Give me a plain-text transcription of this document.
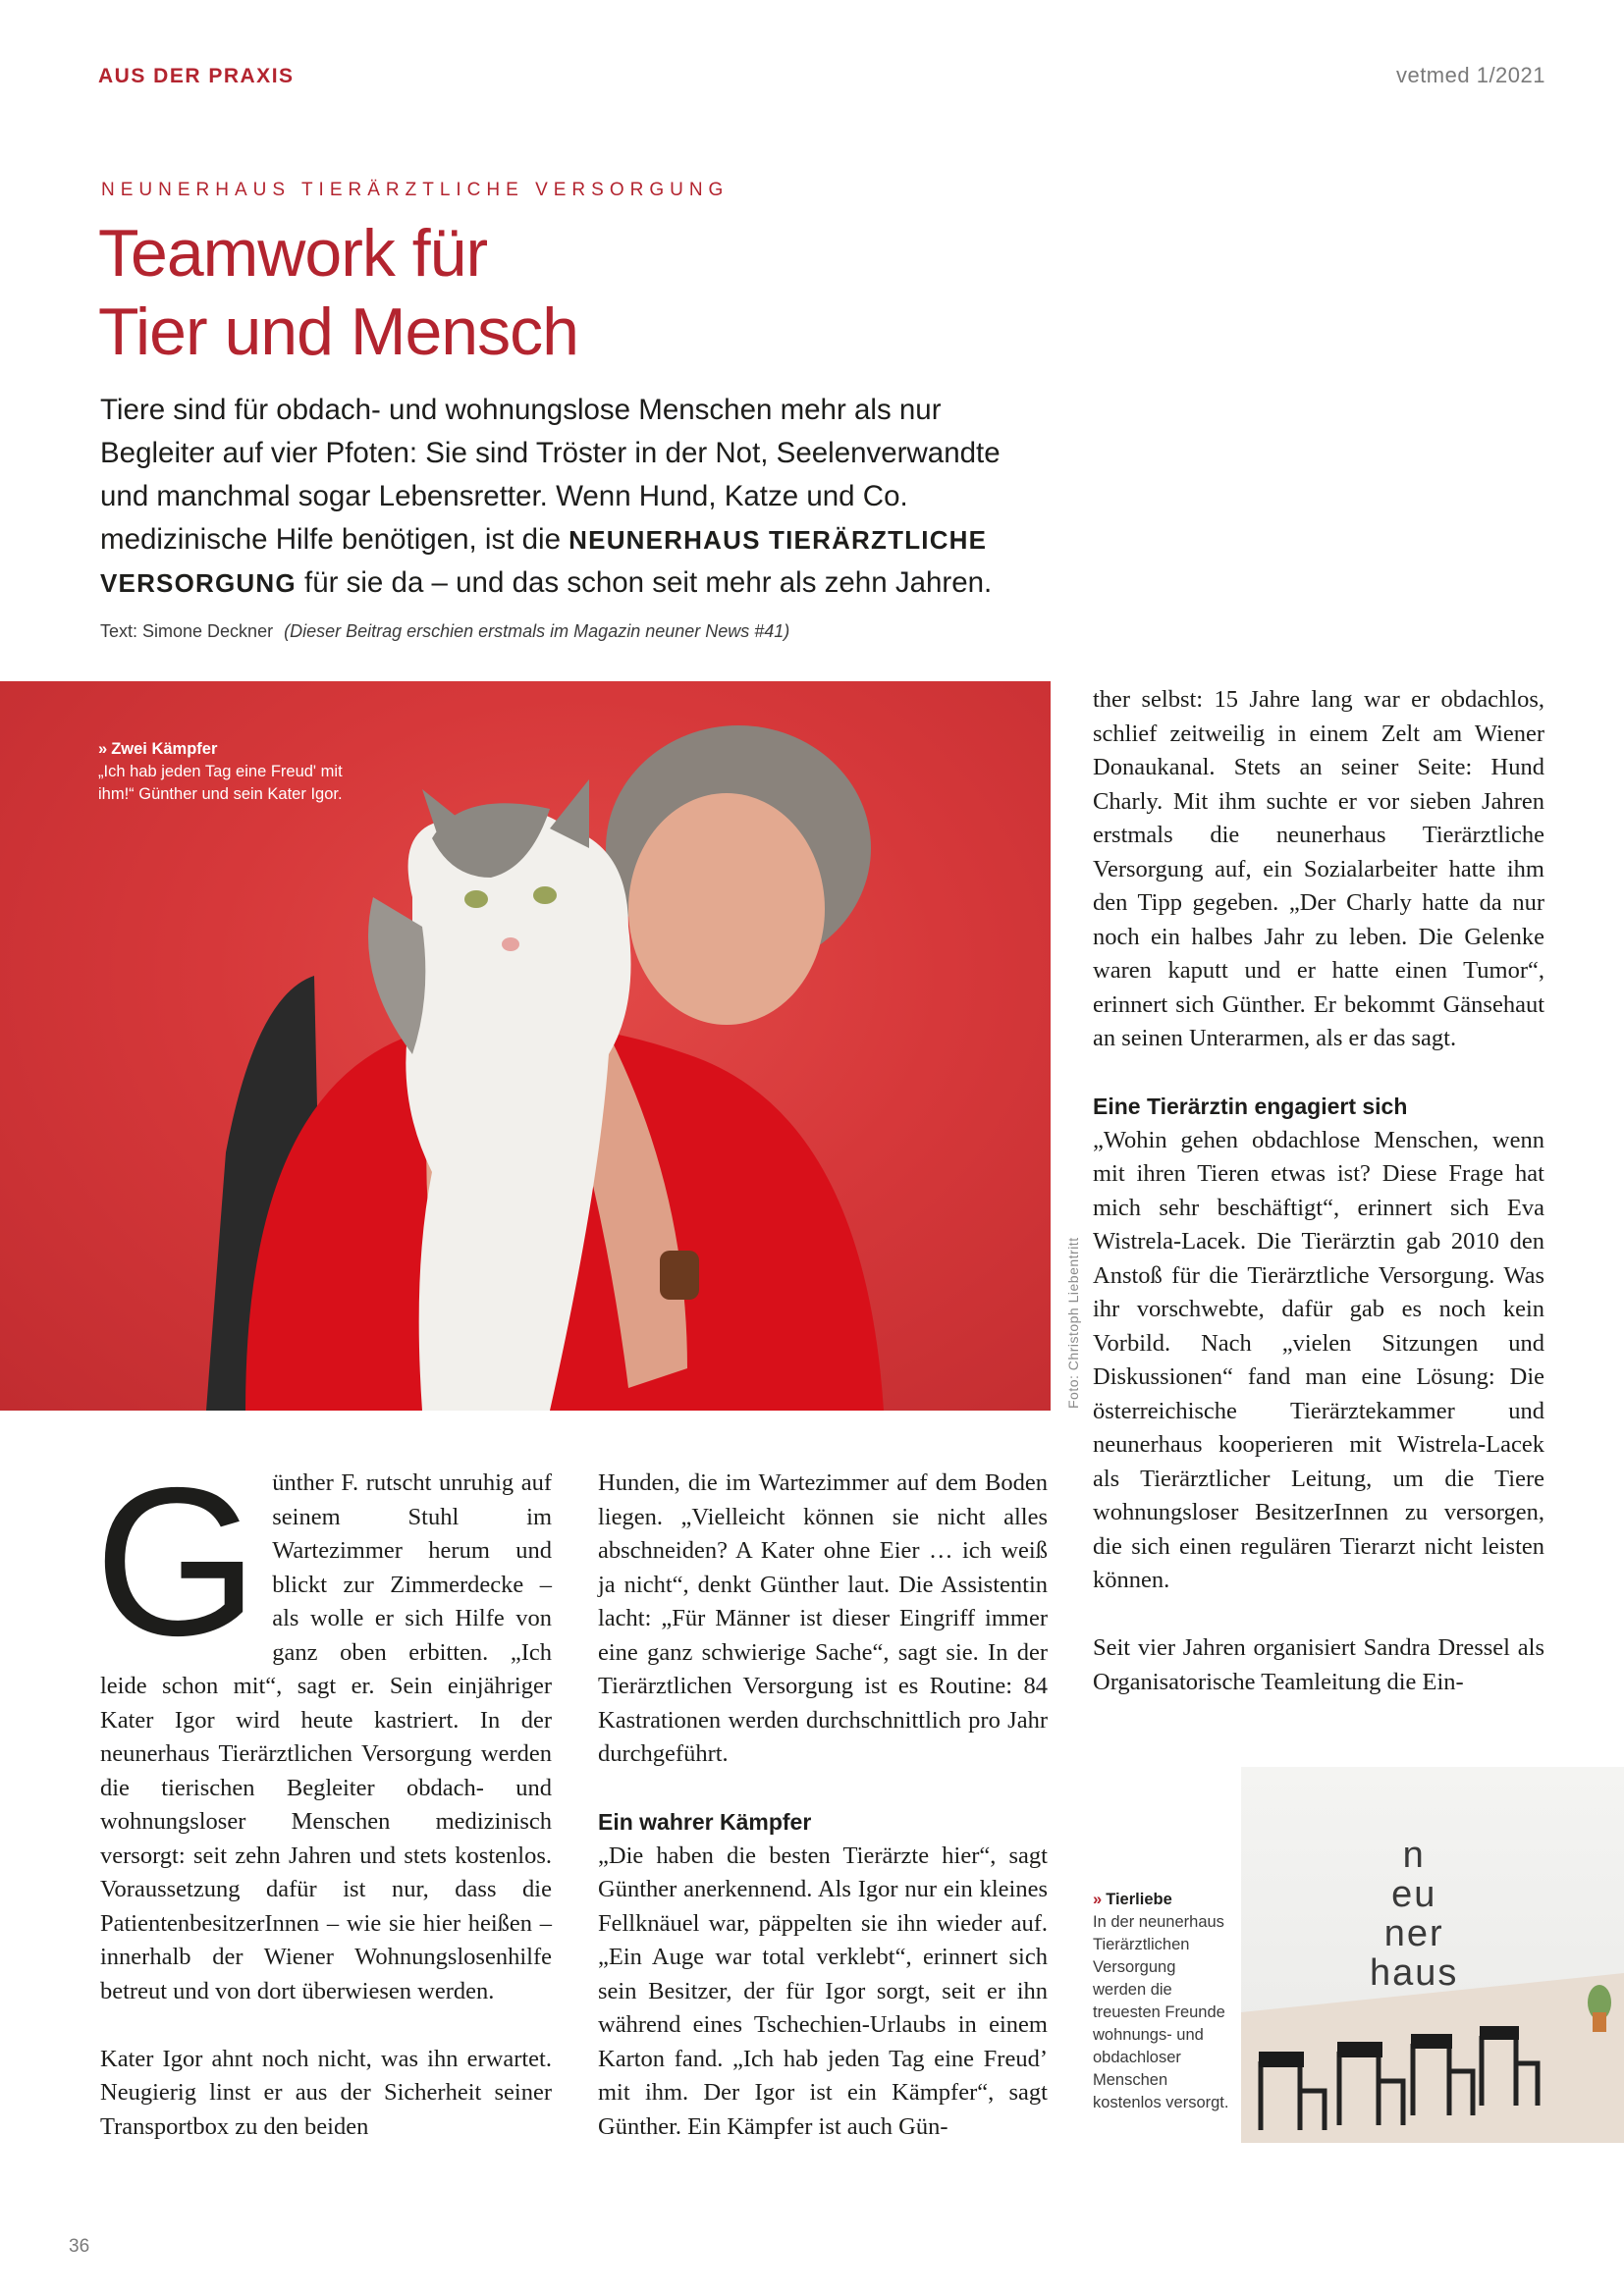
AUS DER PRAXIS	vetmed 1/2021
NEUNERHAUS TIERÄRZTLICHE VERSORGUNG
Teamwork für
Tier und Mensch

Tiere sind für obdach- und wohnungslose Menschen mehr als nur Begleiter auf vier Pfoten: Sie sind Tröster in der Not, Seelenverwandte und manchmal sogar Lebensretter. Wenn Hund, Katze und Co. medizinische Hilfe benötigen, ist die NEUNERHAUS TIERÄRZTLICHE VERSORGUNG für sie da – und das schon seit mehr als zehn Jahren.

Text: Simone Deckner (Dieser Beitrag erschien erstmals im Magazin neuner News #41)
» Zwei Kämpfer
„Ich hab jeden Tag eine Freud' mit ihm!“ Günther und sein Kater Igor.
Foto: Christoph Liebentritt

Günther F. rutscht unruhig auf seinem Stuhl im Wartezimmer herum und blickt zur Zimmerdecke – als wolle er sich Hilfe von ganz oben erbitten. „Ich leide schon mit“, sagt er. Sein einjähriger Kater Igor wird heute kastriert. In der neunerhaus Tierärztlichen Versorgung werden die tierischen Begleiter obdach- und wohnungsloser Menschen medizinisch versorgt: seit zehn Jahren und stets kostenlos. Voraussetzung dafür ist nur, dass die PatientenbesitzerInnen – wie sie hier heißen – innerhalb der Wiener Wohnungslosenhilfe betreut und von dort überwiesen werden.

Kater Igor ahnt noch nicht, was ihn erwartet. Neugierig linst er aus der Sicherheit seiner Transportbox zu den beiden

Hunden, die im Wartezimmer auf dem Boden liegen. „Vielleicht können sie nicht alles abschneiden? A Kater ohne Eier … ich weiß ja nicht“, denkt Günther laut. Die Assistentin lacht: „Für Männer ist dieser Eingriff immer eine ganz schwierige Sache“, sagt sie. In der Tierärztlichen Versorgung ist es Routine: 84 Kastrationen werden durchschnittlich pro Jahr durchgeführt.

Ein wahrer Kämpfer

„Die haben die besten Tierärzte hier“, sagt Günther anerkennend. Als Igor nur ein kleines Fellknäuel war, päppelten sie ihn wieder auf. „Ein Auge war total verklebt“, erinnert sich sein Besitzer, der für Igor sorgt, seit er ihn während eines Tschechien-Urlaubs in einem Karton fand. „Ich hab jeden Tag eine Freud’ mit ihm. Der Igor ist ein Kämpfer“, sagt Günther. Ein Kämpfer ist auch Gün-

ther selbst: 15 Jahre lang war er obdachlos, schlief zeitweilig in einem Zelt am Wiener Donaukanal. Stets an seiner Seite: Hund Charly. Mit ihm suchte er vor sieben Jahren erstmals die neunerhaus Tierärztliche Versorgung auf, ein Sozialarbeiter hatte ihm den Tipp gegeben. „Der Charly hatte da nur noch ein halbes Jahr zu leben. Die Gelenke waren kaputt und er hatte einen Tumor“, erinnert sich Günther. Er bekommt Gänsehaut an seinen Unterarmen, als er das sagt.

Eine Tierärztin engagiert sich

„Wohin gehen obdachlose Menschen, wenn mit ihren Tieren etwas ist? Diese Frage hat mich sehr beschäftigt“, erinnert sich Eva Wistrela-Lacek. Die Tierärztin gab 2010 den Anstoß für die Tierärztliche Versorgung. Was ihr vorschwebte, dafür gab es noch kein Vorbild. Nach „vielen Sitzungen und Diskussionen“ fand man eine Lösung: Die österreichische Tierärztekammer und neunerhaus kooperieren mit Wistrela-Lacek als Tierärztlicher Leitung, um die Tiere wohnungsloser BesitzerInnen zu versorgen, die sich einen regulären Tierarzt nicht leisten können.

Seit vier Jahren organisiert Sandra Dressel als Organisatorische Teamleitung die Ein-

n
eu
ner
haus
» Tierliebe
In der neunerhaus Tierärztlichen Versorgung werden die treuesten Freunde wohnungs- und obdachloser Menschen kostenlos versorgt.
36
